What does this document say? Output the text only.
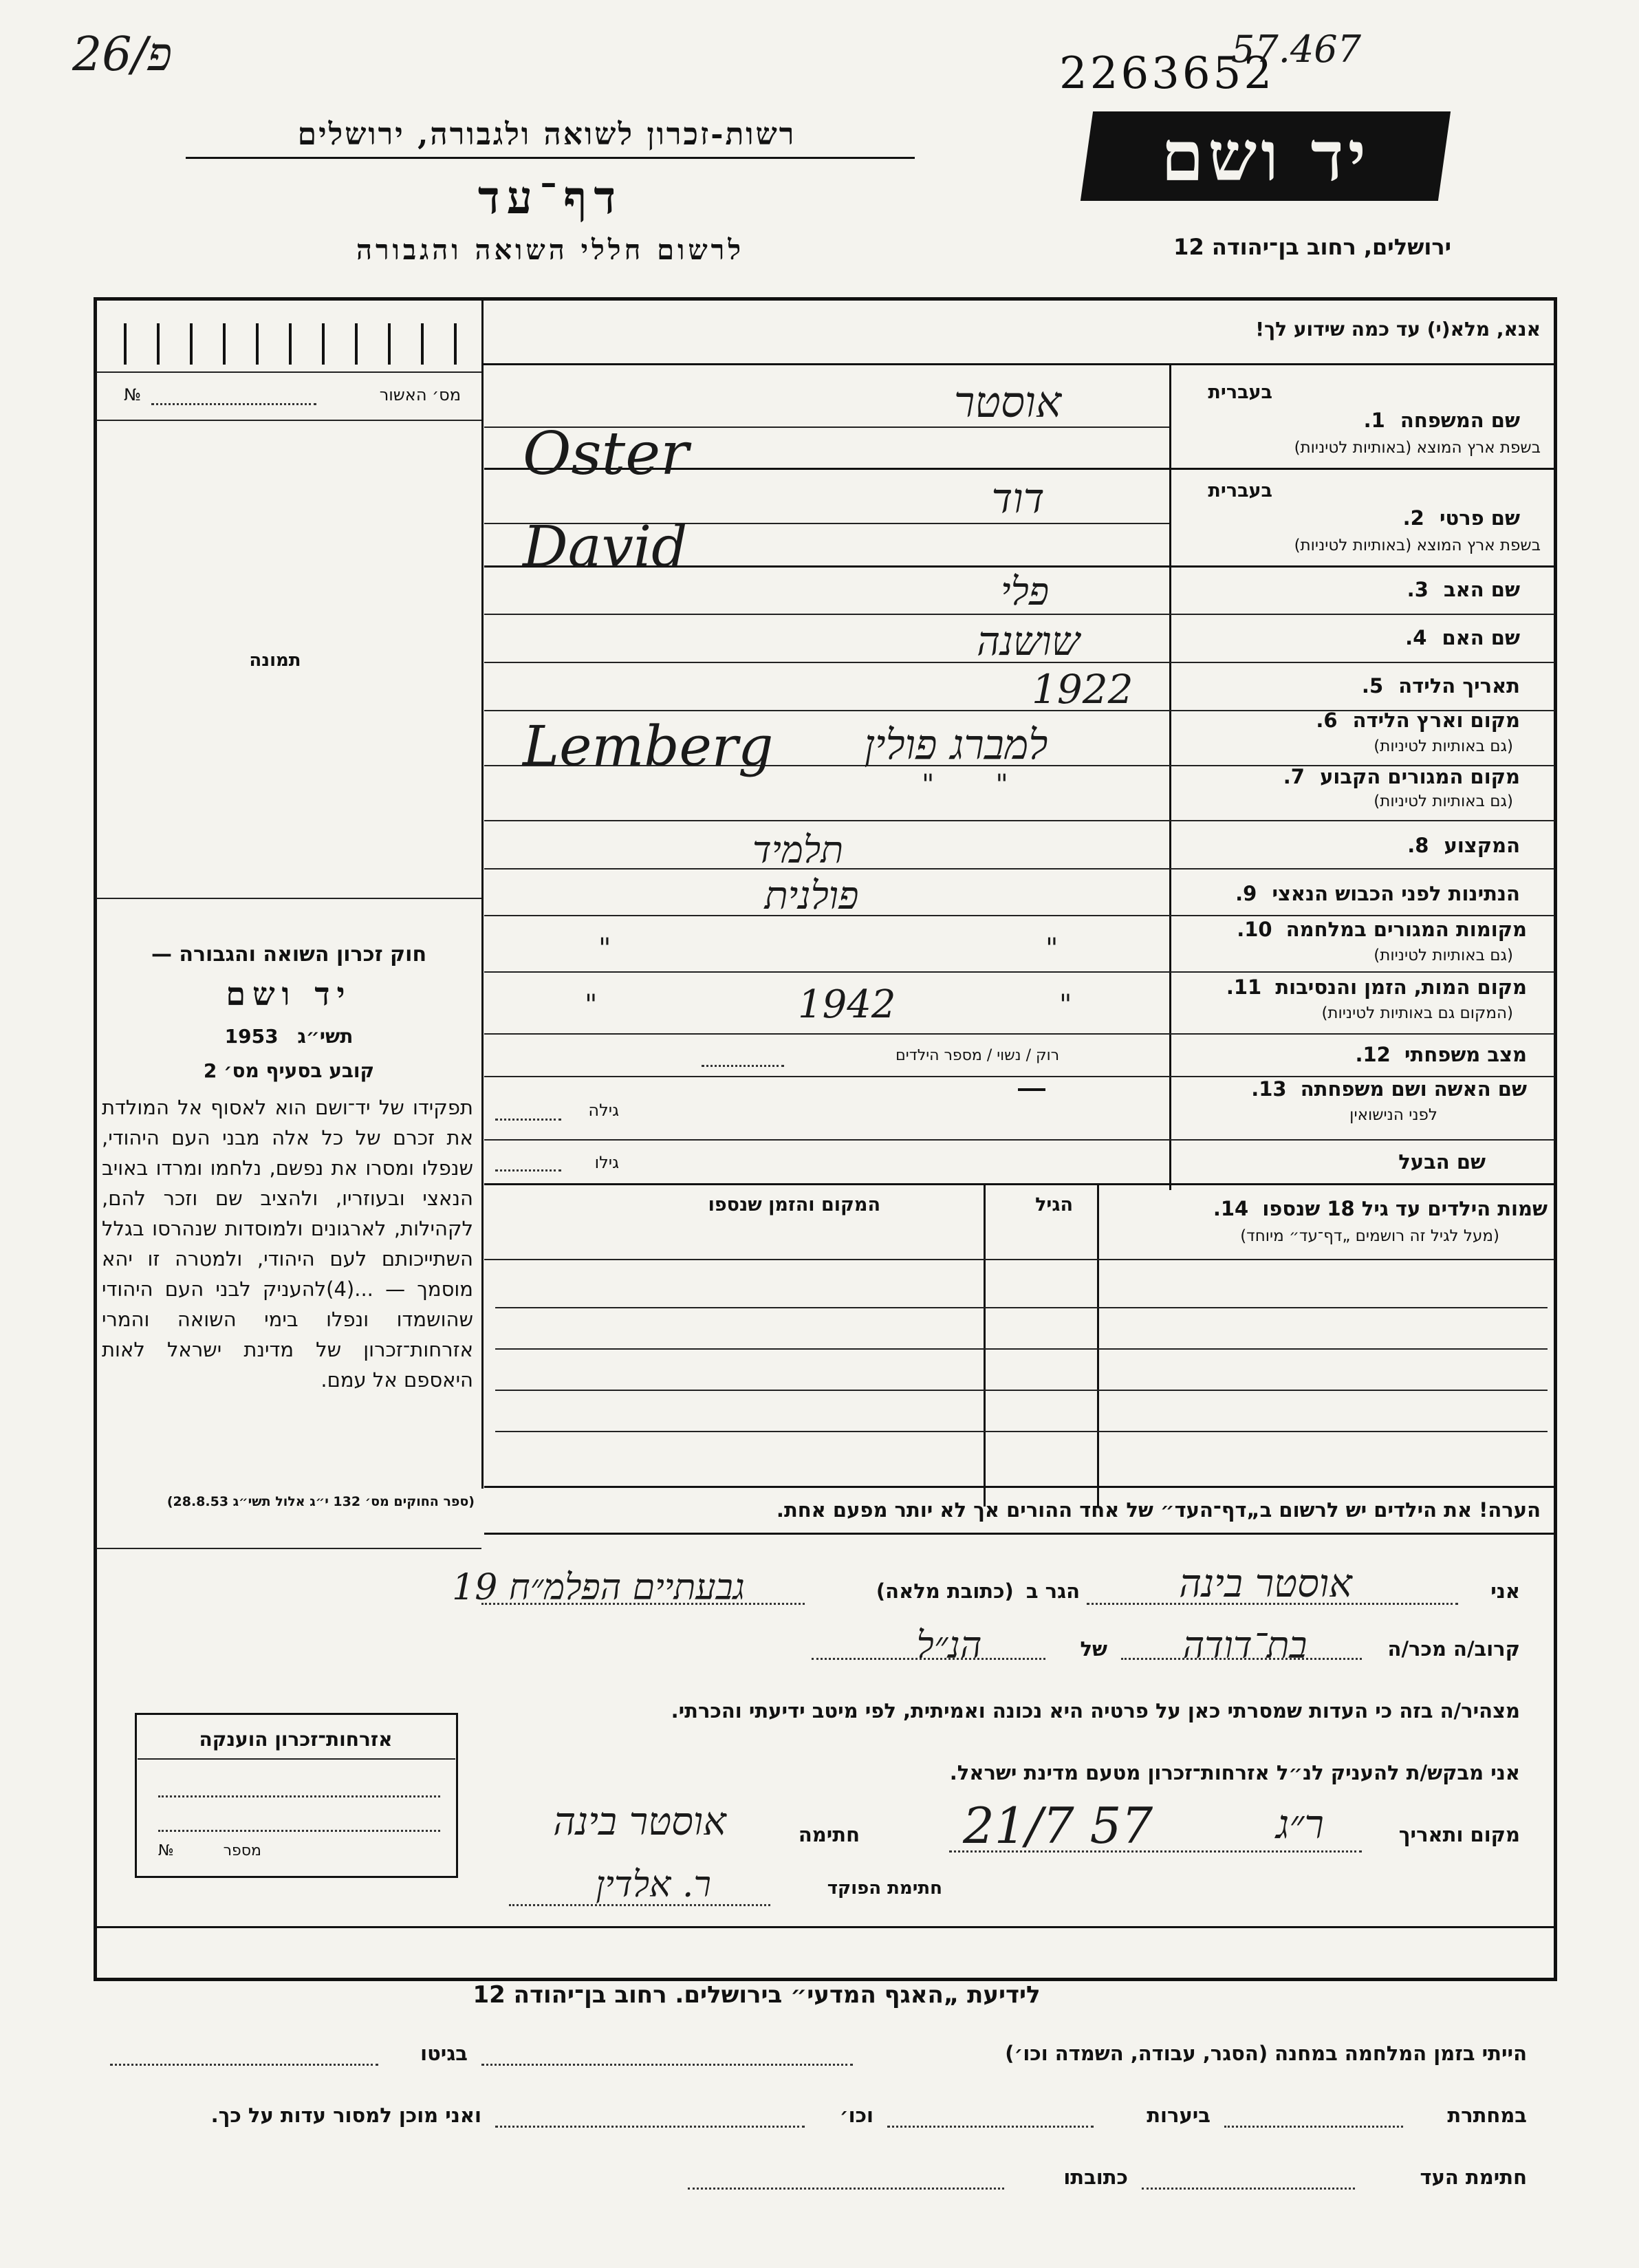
26/פ	2263652
57.467
רשות-זכרון לשואה ולגבורה, ירושלים
דף־עד
לרשום חללי השואה והגבורה
יד ושם
ירושלים, רחוב בן־יהודה 12
אנא, מלא(י) עד כמה שידוע לך!
מס׳ האשור
№
תמונה
חוק זכרון השואה והגבורה —
יד ושם
1953 תשי״ג
קובע בסעיף מס׳ 2
תפקידו של יד־ושם הוא לאסוף אל המולדת את זכרם של כל אלה מבני העם היהודי, שנפלו ומסרו את נפשם, נלחמו ומרדו באויב הנאצי ובעוזריו, ולהציב שם וזכר להם, לקהילות, לארגונים ולמוסדות שנהרסו בגלל השתייכותם לעם היהודי, ולמטרה זו יהא מוסמך — ...(4)להעניק לבני העם היהודי שהושמדו ונפלו בימי השואה והמרי אזרחות־זכרון של מדינת ישראל לאות היאספם אל עמם.
(ספר החוקים מס׳ 132 י״ג אלול תשי״ג 28.8.53)
אזרחות־זכרון הוענקה
מספר
№
בעברית
שם המשפחה 1.
בשפת ארץ המוצא (באותיות לטיניות)
בעברית
שם פרטי 2.
בשפת ארץ המוצא (באותיות לטיניות)
שם האב 3.
שם האם 4.
תאריך הלידה 5.
מקום וארץ הלידה 6.
(גם באותיות לטיניות)
מקום המגורים הקבוע 7.
(גם באותיות לטיניות)
המקצוע 8.
הנתינות לפני הכבוש הנאצי 9.
מקומות המגורים במלחמה 10.
(גם באותיות לטיניות)
מקום המות, הזמן והנסיבות 11.
(המקום גם באותיות לטיניות)
מצב משפחתי 12.
שם האשה ושם משפחתה 13.
לפני הנישואין
שם הבעל
אוסטר
Oster
דוד
David
פלי
שושנה
1922
Lemberg	למברג פולין
"       "
תלמיד
פולנית
"
"
"
1942
"
רוק / נשוי / מספר הילדים
גילה
גילו
שמות הילדים עד גיל 18 שנספו 14.
(מעל לגיל זה רושמים „דף־עד״ מיוחד)
הגיל
המקום והזמן שנספו
הערה! את הילדים יש לרשום ב„דף־העד״ של אחד ההורים אך לא יותר מפעם אחת.
אני
אוסטר בינה
הגר ב (כתובת מלאה)
גבעתיים הפלמ״ח 19
קרוב/ה מכר/ה
בת־דודה
של
הנ״ל
מצהיר/ה בזה כי העדות שמסרתי כאן על פרטיה היא נכונה ואמיתית, לפי מיטב ידיעתי והכרתי.
אני מבקש/ת להעניק לנ״ל אזרחות־זכרון מטעם מדינת ישראל.
מקום ותאריך
ר״ג
21/7 57
חתימה
אוסטר בינה
חתימת הפוקד
ר. אלדין
לידיעת „האגף המדעי״ בירושלים. רחוב בן־יהודה 12
הייתי בזמן המלחמה במחנה (הסגר, עבודה, השמדה וכו׳)
בגיטו
במחתרת
ביערות
וכו׳
ואני מוכן למסור עדות על כך.
חתימת העד
כתובתו
